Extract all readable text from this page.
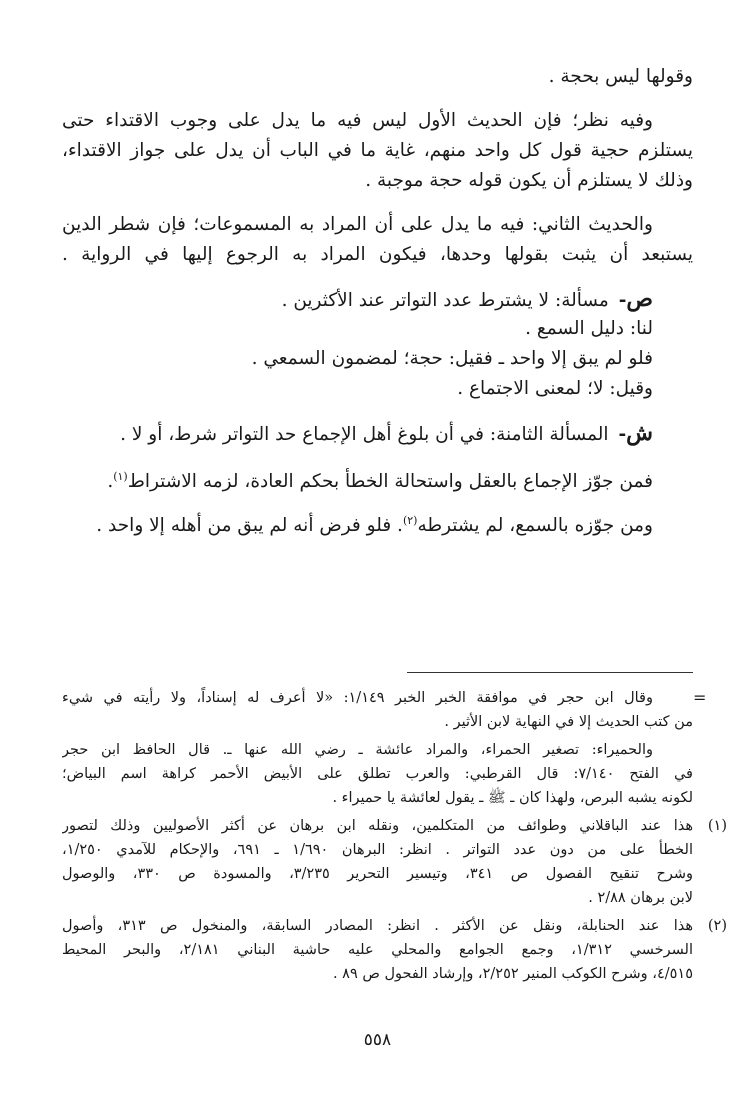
وقولها ليس بحجة .
وفيه نظر؛ فإن الحديث الأول ليس فيه ما يدل على وجوب الاقتداء حتى
يستلزم حجية قول كل واحد منهم، غاية ما في الباب أن يدل على جواز الاقتداء،
وذلك لا يستلزم أن يكون قوله حجة موجبة .
والحديث الثاني: فيه ما يدل على أن المراد به المسموعات؛ فإن شطر الدين
يستبعد أن يثبت بقولها وحدها، فيكون المراد به الرجوع إليها في الرواية .
ص- مسألة: لا يشترط عدد التواتر عند الأكثرين .
لنا: دليل السمع .
فلو لم يبق إلا واحد ـ فقيل: حجة؛ لمضمون السمعي .
وقيل: لا؛ لمعنى الاجتماع .
ش- المسألة الثامنة: في أن بلوغ أهل الإجماع حد التواتر شرط، أو لا .
فمن جوّز الإجماع بالعقل واستحالة الخطأ بحكم العادة، لزمه الاشتراط$^{(١)}$.
ومن جوّزه بالسمع، لم يشترطه$^{(٢)}$. فلو فرض أنه لم يبق من أهله إلا واحد .
=
وقال ابن حجر في موافقة الخبر الخبر ١/١٤٩: «لا أعرف له إسناداً، ولا رأيته في شيء
من كتب الحديث إلا في النهاية لابن الأثير .
والحميراء: تصغير الحمراء، والمراد عائشة ـ رضي الله عنها ـ. قال الحافظ ابن حجر
في الفتح ٧/١٤٠: قال القرطبي: والعرب تطلق على الأبيض الأحمر كراهة اسم البياض؛
لكونه يشبه البرص، ولهذا كان ـ ﷺ ـ يقول لعائشة يا حميراء .
(١)
هذا عند الباقلاني وطوائف من المتكلمين، ونقله ابن برهان عن أكثر الأصوليين وذلك لتصور
الخطأ على من دون عدد التواتر . انظر: البرهان ١/٦٩٠ ـ ٦٩١، والإحكام للآمدي ١/٢٥٠،
وشرح تنقيح الفصول ص ٣٤١، وتيسير التحرير ٣/٢٣٥، والمسودة ص ٣٣٠، والوصول
لابن برهان ٢/٨٨ .
(٢)
هذا عند الحنابلة، ونقل عن الأكثر . انظر: المصادر السابقة، والمنخول ص ٣١٣، وأصول
السرخسي ١/٣١٢، وجمع الجوامع والمحلي عليه حاشية البناني ٢/١٨١، والبحر المحيط
٤/٥١٥، وشرح الكوكب المنير ٢/٢٥٢، وإرشاد الفحول ص ٨٩ .
٥٥٨
